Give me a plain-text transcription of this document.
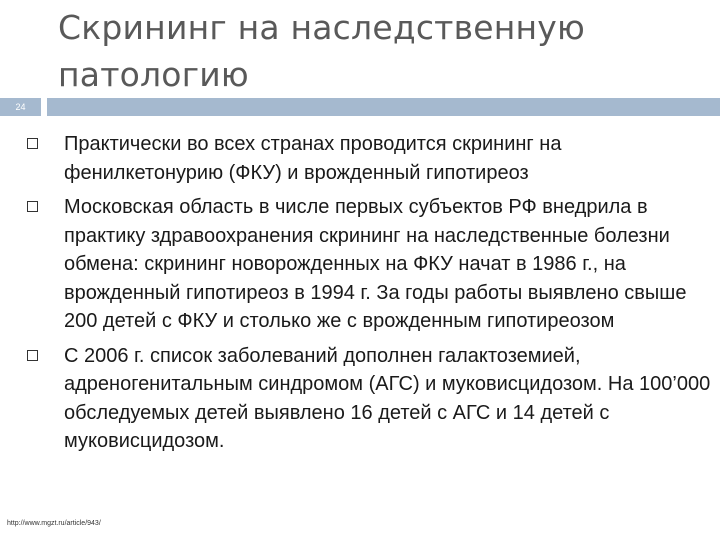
Скрининг на наследственную патологию
24
Практически во всех странах проводится скрининг на фенилкетонурию (ФКУ) и врожденный гипотиреоз
Московская область в числе первых субъектов РФ внедрила в практику здравоохранения скрининг на наследственные болезни обмена: скрининг новорожденных на ФКУ начат в 1986 г., на врожденный гипотиреоз в 1994 г. За годы работы выявлено свыше 200 детей с ФКУ и столько же с врожденным гипотиреозом
С 2006 г. список заболеваний дополнен галактоземией, адреногенитальным синдромом (АГС) и муковисцидозом. На 100’000 обследуемых детей выявлено 16 детей с АГС и 14 детей с муковисцидозом.
http://www.mgzt.ru/article/943/
